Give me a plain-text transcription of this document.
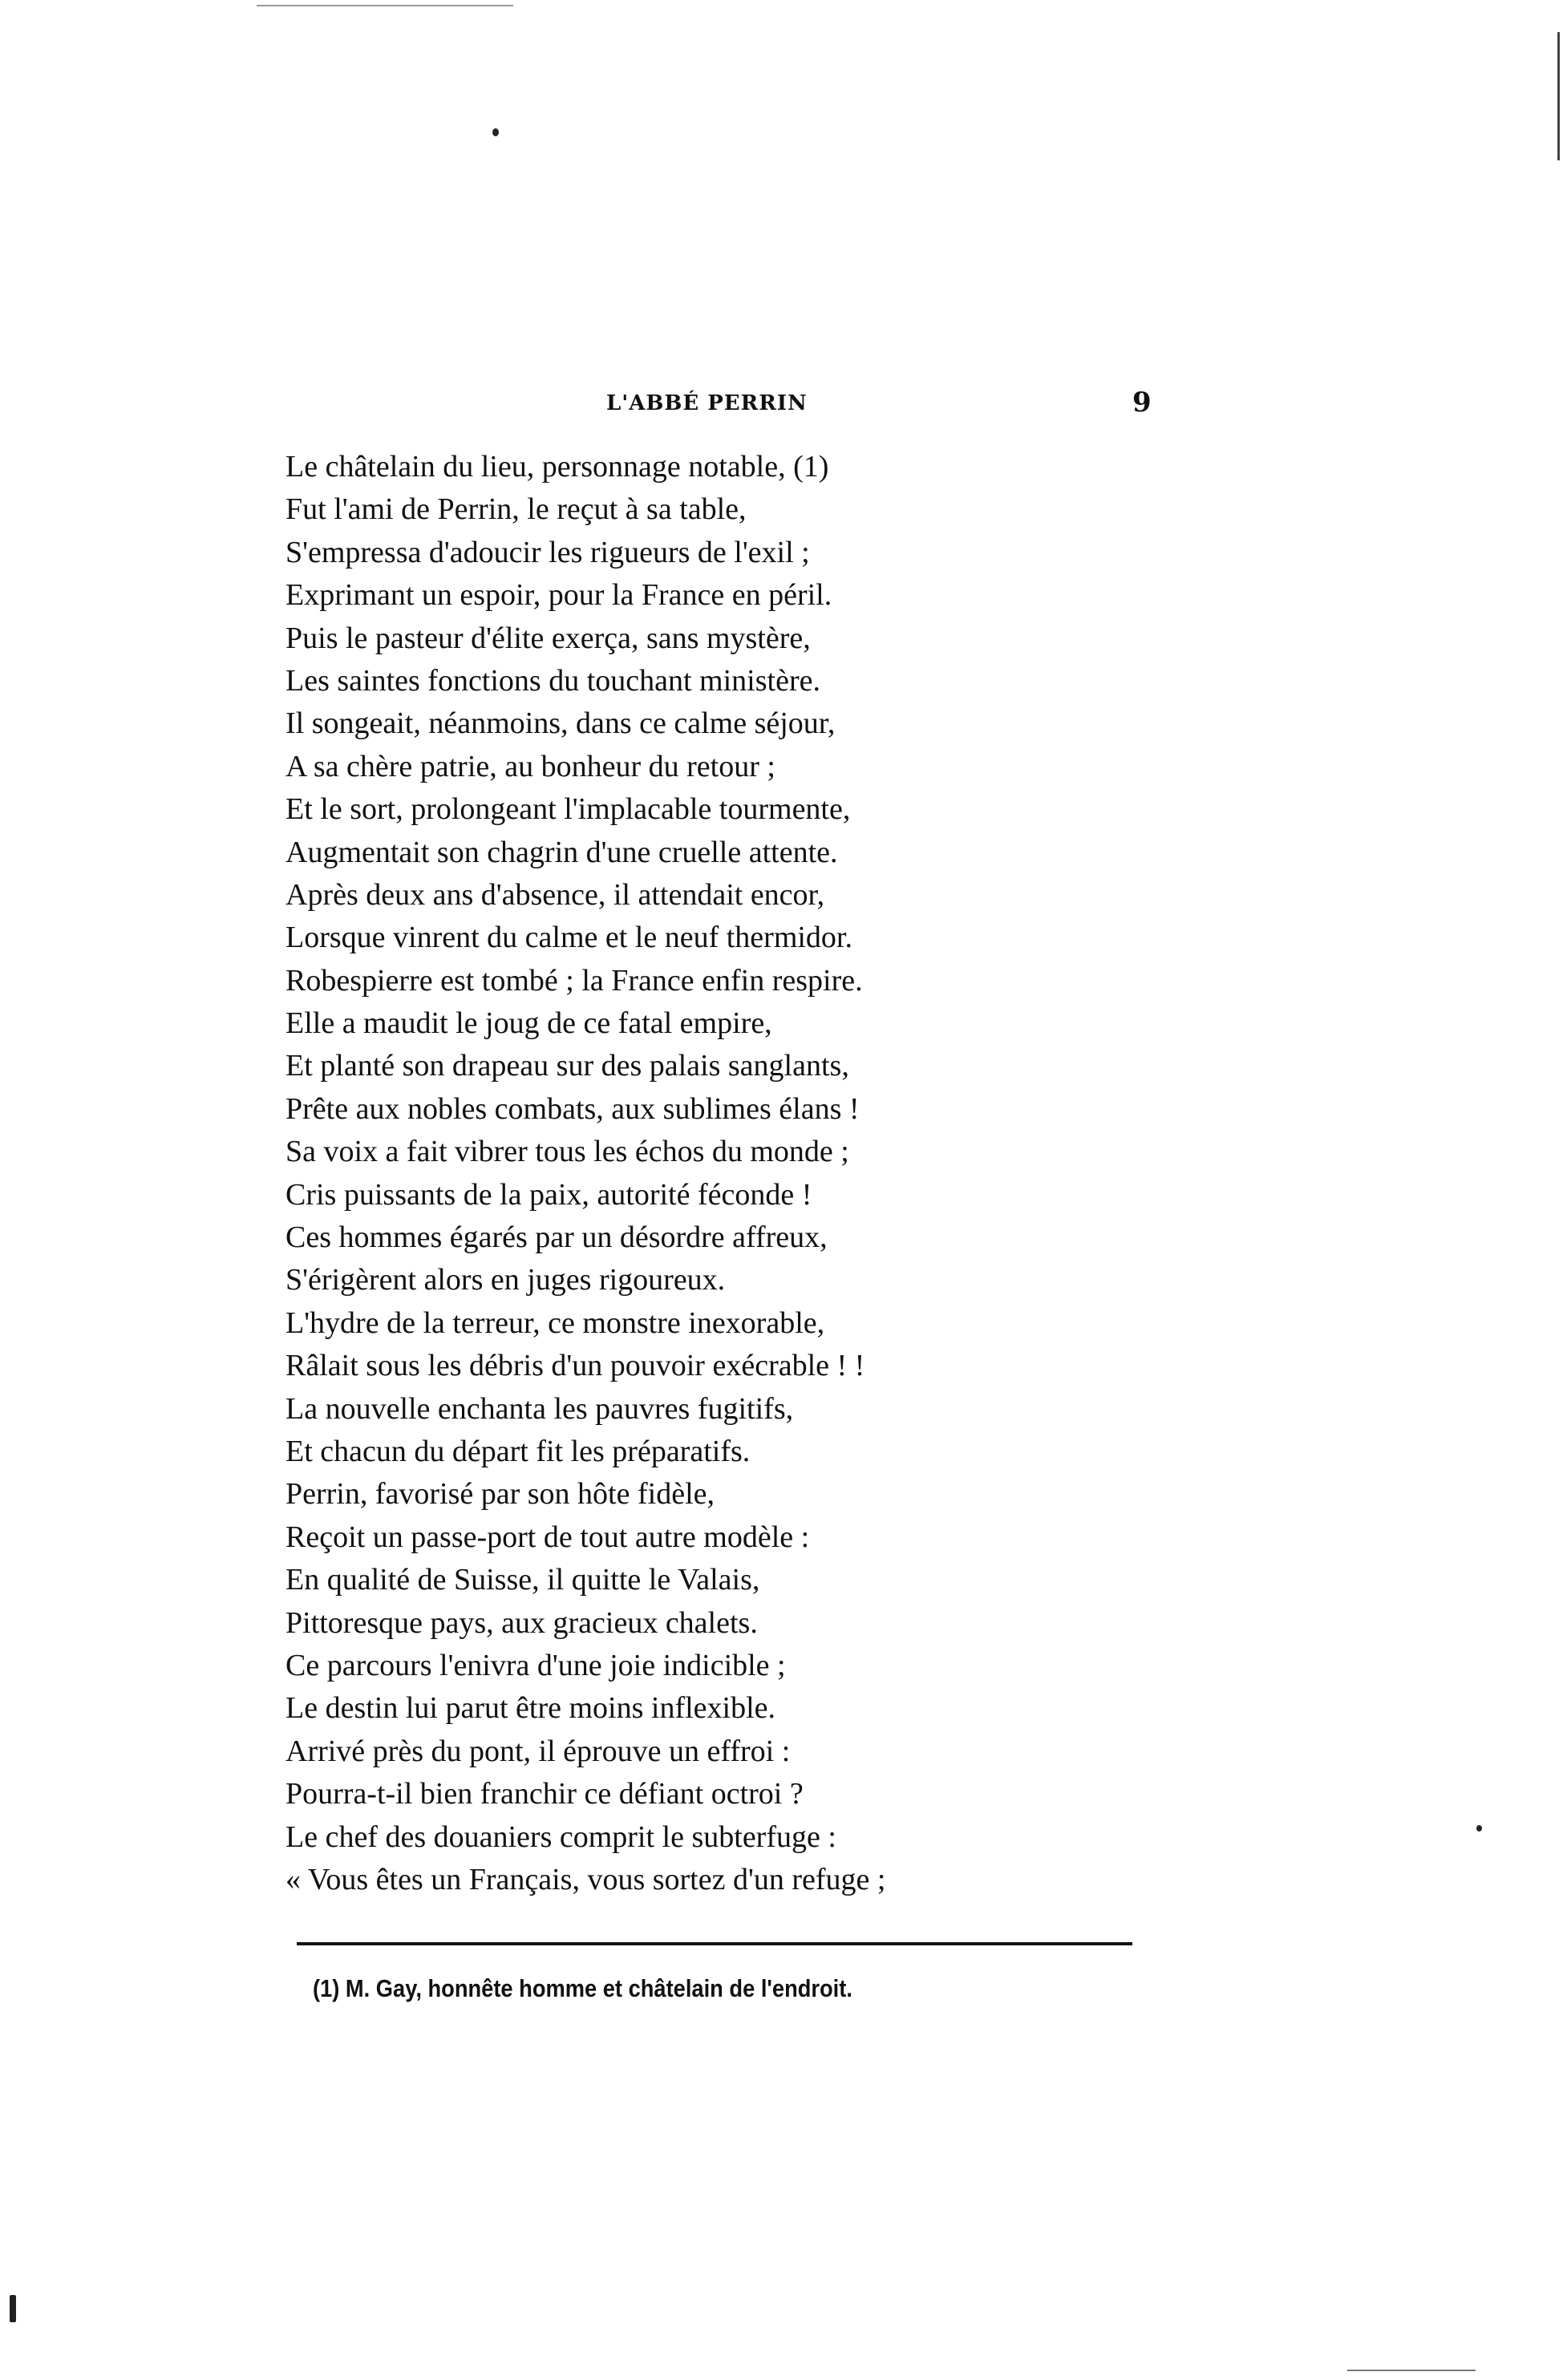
L'ABBÉ PERRIN	9
Le châtelain du lieu, personnage notable, (1)
Fut l'ami de Perrin, le reçut à sa table,
S'empressa d'adoucir les rigueurs de l'exil ;
Exprimant un espoir, pour la France en péril.
Puis le pasteur d'élite exerça, sans mystère,
Les saintes fonctions du touchant ministère.
Il songeait, néanmoins, dans ce calme séjour,
A sa chère patrie, au bonheur du retour ;
Et le sort, prolongeant l'implacable tourmente,
Augmentait son chagrin d'une cruelle attente.
Après deux ans d'absence, il attendait encor,
Lorsque vinrent du calme et le neuf thermidor.
Robespierre est tombé ; la France enfin respire.
Elle a maudit le joug de ce fatal empire,
Et planté son drapeau sur des palais sanglants,
Prête aux nobles combats, aux sublimes élans !
Sa voix a fait vibrer tous les échos du monde ;
Cris puissants de la paix, autorité féconde !
Ces hommes égarés par un désordre affreux,
S'érigèrent alors en juges rigoureux.
L'hydre de la terreur, ce monstre inexorable,
Râlait sous les débris d'un pouvoir exécrable ! !
La nouvelle enchanta les pauvres fugitifs,
Et chacun du départ fit les préparatifs.
Perrin, favorisé par son hôte fidèle,
Reçoit un passe-port de tout autre modèle :
En qualité de Suisse, il quitte le Valais,
Pittoresque pays, aux gracieux chalets.
Ce parcours l'enivra d'une joie indicible ;
Le destin lui parut être moins inflexible.
Arrivé près du pont, il éprouve un effroi :
Pourra-t-il bien franchir ce défiant octroi ?
Le chef des douaniers comprit le subterfuge :
« Vous êtes un Français, vous sortez d'un refuge ;
(1) M. Gay, honnête homme et châtelain de l'endroit.
